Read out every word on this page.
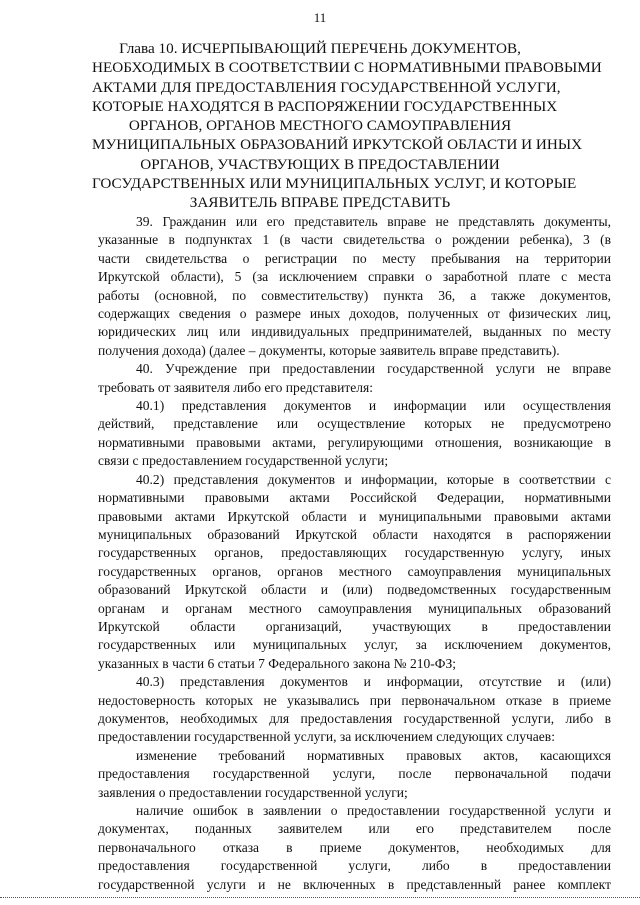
11
Глава 10. ИСЧЕРПЫВАЮЩИЙ ПЕРЕЧЕНЬ ДОКУМЕНТОВ,
НЕОБХОДИМЫХ В СООТВЕТСТВИИ С НОРМАТИВНЫМИ ПРАВОВЫМИ
АКТАМИ ДЛЯ ПРЕДОСТАВЛЕНИЯ ГОСУДАРСТВЕННОЙ УСЛУГИ,
КОТОРЫЕ НАХОДЯТСЯ В РАСПОРЯЖЕНИИ ГОСУДАРСТВЕННЫХ
ОРГАНОВ, ОРГАНОВ МЕСТНОГО САМОУПРАВЛЕНИЯ
МУНИЦИПАЛЬНЫХ ОБРАЗОВАНИЙ ИРКУТСКОЙ ОБЛАСТИ И ИНЫХ
ОРГАНОВ, УЧАСТВУЮЩИХ В ПРЕДОСТАВЛЕНИИ
ГОСУДАРСТВЕННЫХ ИЛИ МУНИЦИПАЛЬНЫХ УСЛУГ, И КОТОРЫЕ
ЗАЯВИТЕЛЬ ВПРАВЕ ПРЕДСТАВИТЬ
39. Гражданин или его представитель вправе не представлять документы,
указанные в подпунктах 1 (в части свидетельства о рождении ребенка), 3 (в
части свидетельства о регистрации по месту пребывания на территории
Иркутской области), 5 (за исключением справки о заработной плате с места
работы (основной, по совместительству) пункта 36, а также документов,
содержащих сведения о размере иных доходов, полученных от физических лиц,
юридических лиц или индивидуальных предпринимателей, выданных по месту
получения дохода) (далее – документы, которые заявитель вправе представить).
40. Учреждение при предоставлении государственной услуги не вправе
требовать от заявителя либо его представителя:
40.1) представления документов и информации или осуществления
действий, представление или осуществление которых не предусмотрено
нормативными правовыми актами, регулирующими отношения, возникающие в
связи с предоставлением государственной услуги;
40.2) представления документов и информации, которые в соответствии с
нормативными правовыми актами Российской Федерации, нормативными
правовыми актами Иркутской области и муниципальными правовыми актами
муниципальных образований Иркутской области находятся в распоряжении
государственных органов, предоставляющих государственную услугу, иных
государственных органов, органов местного самоуправления муниципальных
образований Иркутской области и (или) подведомственных государственным
органам и органам местного самоуправления муниципальных образований
Иркутской области организаций, участвующих в предоставлении
государственных или муниципальных услуг, за исключением документов,
указанных в части 6 статьи 7 Федерального закона № 210-ФЗ;
40.3) представления документов и информации, отсутствие и (или)
недостоверность которых не указывались при первоначальном отказе в приеме
документов, необходимых для предоставления государственной услуги, либо в
предоставлении государственной услуги, за исключением следующих случаев:
изменение требований нормативных правовых актов, касающихся
предоставления государственной услуги, после первоначальной подачи
заявления о предоставлении государственной услуги;
наличие ошибок в заявлении о предоставлении государственной услуги и
документах, поданных заявителем или его представителем после
первоначального отказа в приеме документов, необходимых для
предоставления государственной услуги, либо в предоставлении
государственной услуги и не включенных в представленный ранее комплект
